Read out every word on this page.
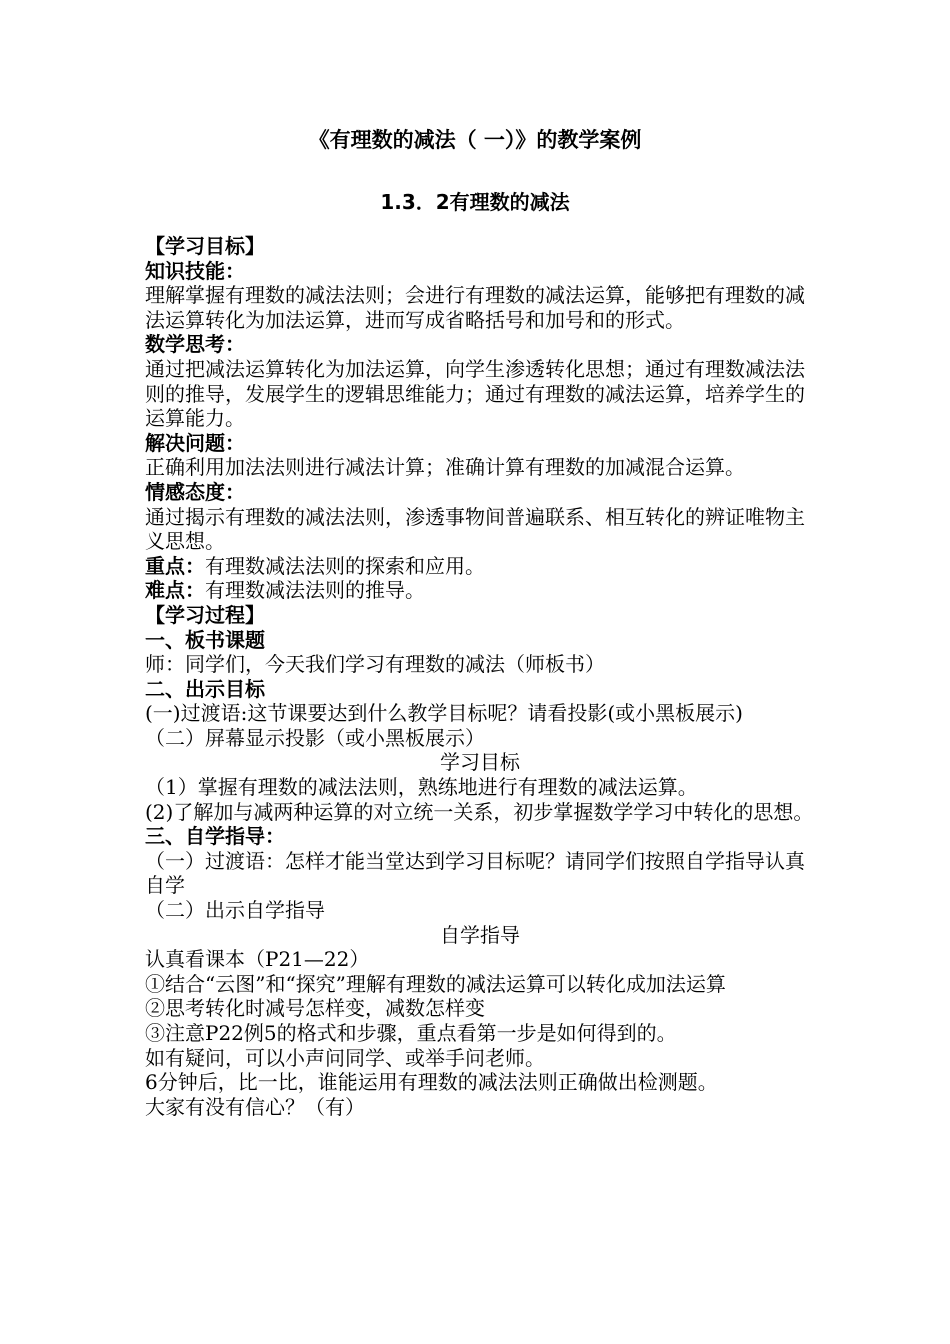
《有理数的减法（ 一）》的教学案例
1.3．2有理数的减法

【学习目标】

知识技能：

理解掌握有理数的减法法则；会进行有理数的减法运算，能够把有理数的减法运算转化为加法运算，进而写成省略括号和加号和的形式。

数学思考：

通过把减法运算转化为加法运算，向学生渗透转化思想；通过有理数减法法则的推导，发展学生的逻辑思维能力；通过有理数的减法运算，培养学生的运算能力。

解决问题：

正确利用加法法则进行减法计算；准确计算有理数的加减混合运算。

情感态度：

通过揭示有理数的减法法则，渗透事物间普遍联系、相互转化的辨证唯物主义思想。

重点：有理数减法法则的探索和应用。

难点：有理数减法法则的推导。

【学习过程】

一、板书课题

师：同学们，今天我们学习有理数的减法（师板书）

二、出示目标

(一)过渡语:这节课要达到什么教学目标呢？请看投影(或小黑板展示)

（二）屏幕显示投影（或小黑板展示）

学习目标

（1）掌握有理数的减法法则，熟练地进行有理数的减法运算。

(2)了解加与减两种运算的对立统一关系，初步掌握数学学习中转化的思想。

三、自学指导：

（一）过渡语：怎样才能当堂达到学习目标呢？请同学们按照自学指导认真自学

（二）出示自学指导

自学指导

认真看课本（P21—22）

①结合“云图”和“探究”理解有理数的减法运算可以转化成加法运算

②思考转化时减号怎样变，减数怎样变

③注意P22例5的格式和步骤，重点看第一步是如何得到的。

如有疑问，可以小声问同学、或举手问老师。

6分钟后，比一比，谁能运用有理数的减法法则正确做出检测题。

大家有没有信心？（有）
